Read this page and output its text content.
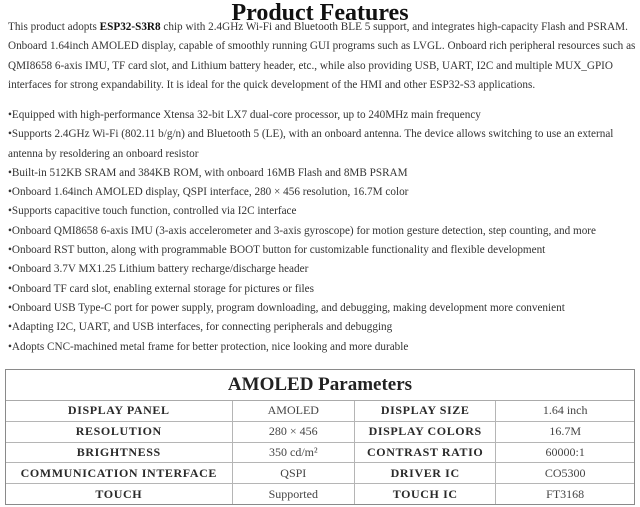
Product Features
This product adopts ESP32-S3R8 chip with 2.4GHz Wi-Fi and Bluetooth BLE 5 support, and integrates high-capacity Flash and PSRAM. Onboard 1.64inch AMOLED display, capable of smoothly running GUI programs such as LVGL. Onboard rich peripheral resources such as QMI8658 6-axis IMU, TF card slot, and Lithium battery header, etc., while also providing USB, UART, I2C and multiple MUX_GPIO interfaces for strong expandability. It is ideal for the quick development of the HMI and other ESP32-S3 applications.
•Equipped with high-performance Xtensa 32-bit LX7 dual-core processor, up to 240MHz main frequency
•Supports 2.4GHz Wi-Fi (802.11 b/g/n) and Bluetooth 5 (LE), with an onboard antenna. The device allows switching to use an external antenna by resoldering an onboard resistor
•Built-in 512KB SRAM and 384KB ROM, with onboard 16MB Flash and 8MB PSRAM
•Onboard 1.64inch AMOLED display, QSPI interface, 280 × 456 resolution, 16.7M color
•Supports capacitive touch function, controlled via I2C interface
•Onboard QMI8658 6-axis IMU (3-axis accelerometer and 3-axis gyroscope) for motion gesture detection, step counting, and more
•Onboard RST button, along with programmable BOOT button for customizable functionality and flexible development
•Onboard 3.7V MX1.25 Lithium battery recharge/discharge header
•Onboard TF card slot, enabling external storage for pictures or files
•Onboard USB Type-C port for power supply, program downloading, and debugging, making development more convenient
•Adapting I2C, UART, and USB interfaces, for connecting peripherals and debugging
•Adopts CNC-machined metal frame for better protection, nice looking and more durable
AMOLED Parameters
DISPLAY PANEL	AMOLED	DISPLAY SIZE	1.64 inch
RESOLUTION	280 × 456	DISPLAY COLORS	16.7M
BRIGHTNESS	350 cd/m²	CONTRAST RATIO	60000:1
COMMUNICATION INTERFACE	QSPI	DRIVER IC	CO5300
TOUCH	Supported	TOUCH IC	FT3168
